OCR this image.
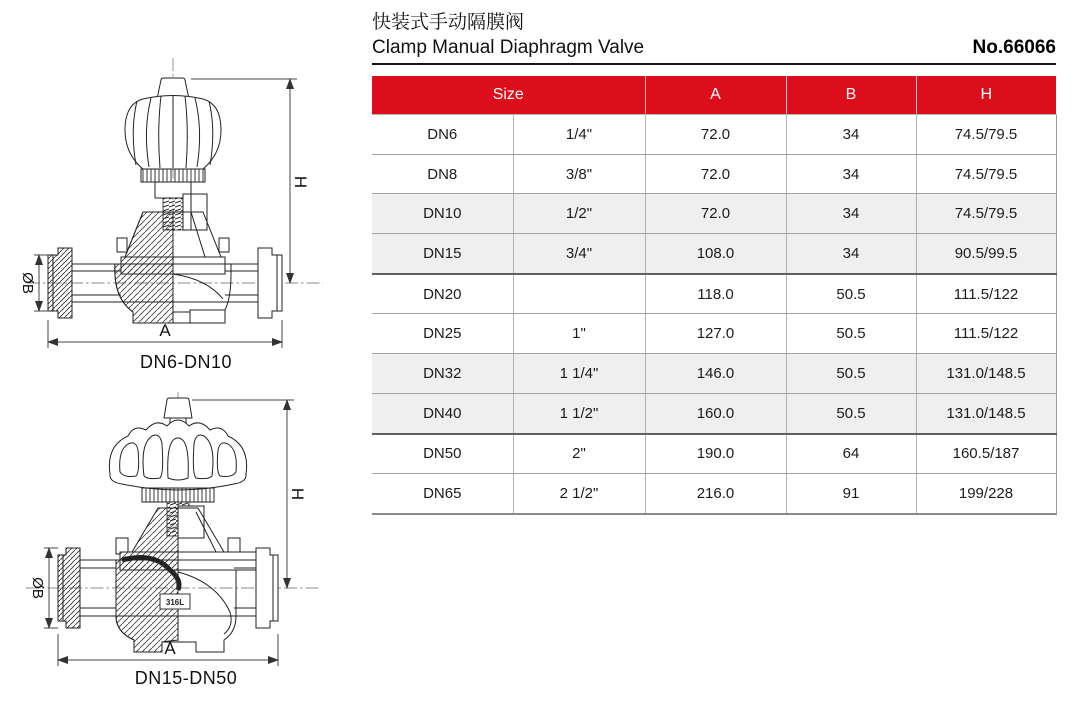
H
ØB
A
DN6-DN10
316L
H
ØB
A
DN15-DN50
快装式手动隔膜阀
Clamp Manual Diaphragm Valve	No.66066
Size		A	B	H
DN6	1/4"	72.0	34	74.5/79.5
DN8	3/8"	72.0	34	74.5/79.5
DN10	1/2"	72.0	34	74.5/79.5
DN15	3/4"	108.0	34	90.5/99.5
DN20		118.0	50.5	111.5/122
DN25	1"	127.0	50.5	111.5/122
DN32	1 1/4"	146.0	50.5	131.0/148.5
DN40	1 1/2"	160.0	50.5	131.0/148.5
DN50	2"	190.0	64	160.5/187
DN65	2 1/2"	216.0	91	199/228
